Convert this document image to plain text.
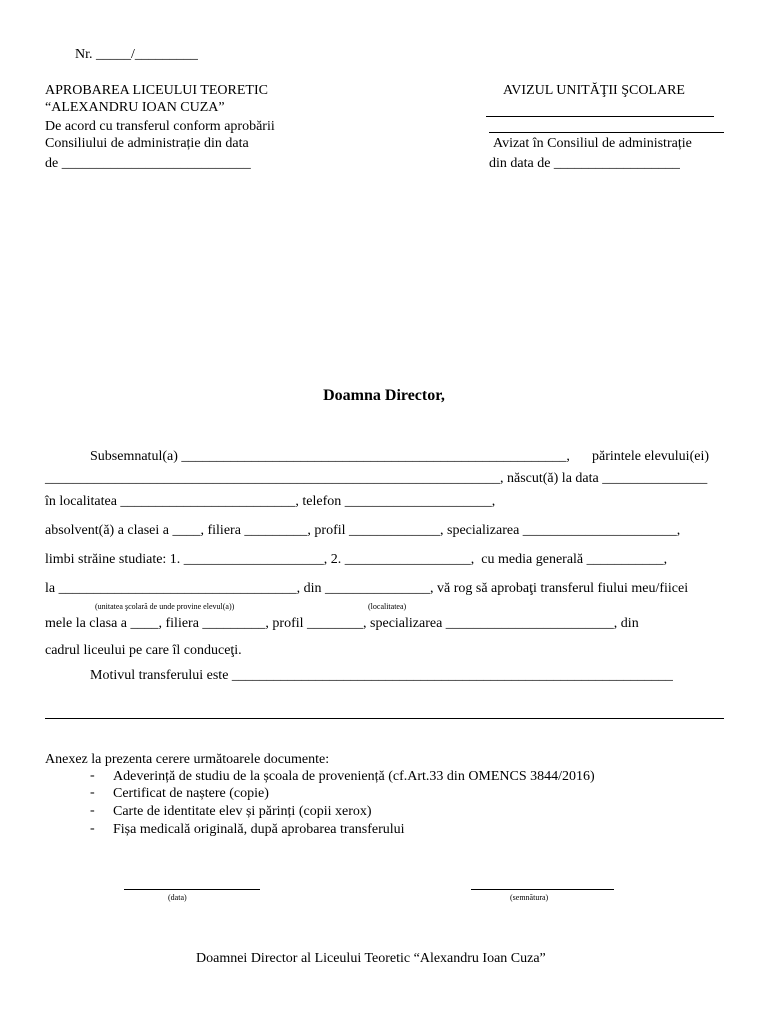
Nr. _____/_________
APROBAREA LICEULUI TEORETIC
“ALEXANDRU IOAN CUZA”
De acord cu transferul conform aprobării
Consiliului de administrație din data
de ___________________________
AVIZUL UNITĂŢII ŞCOLARE
Avizat în Consiliul de administrație
din data de __________________
Doamna Director,
Subsemnatul(a) _______________________________________________________, părintele elevului(ei)
_________________________________________________________________, născut(ă) la data _______________
în localitatea _________________________, telefon _____________________,
absolvent(ă) a clasei a ____, filiera _________, profil _____________, specializarea ______________________,
limbi străine studiate: 1. ____________________, 2. __________________,  cu media generală ___________,
la __________________________________, din _______________, vă rog să aprobaţi transferul fiului meu/fiicei
(unitatea şcolară de unde provine elevul(a))	(localitatea)
mele la clasa a ____, filiera _________, profil ________, specializarea ________________________, din
cadrul liceului pe care îl conduceţi.
Motivul transferului este _______________________________________________________________
Anexez la prezenta cerere următoarele documente:
- Adeverință de studiu de la școala de proveniență (cf.Art.33 din OMENCS 3844/2016)
- Certificat de naștere (copie)
- Carte de identitate elev și părinți (copii xerox)
- Fișa medicală originală, după aprobarea transferului
(data)	(semnătura)
Doamnei Director al Liceului Teoretic “Alexandru Ioan Cuza”
